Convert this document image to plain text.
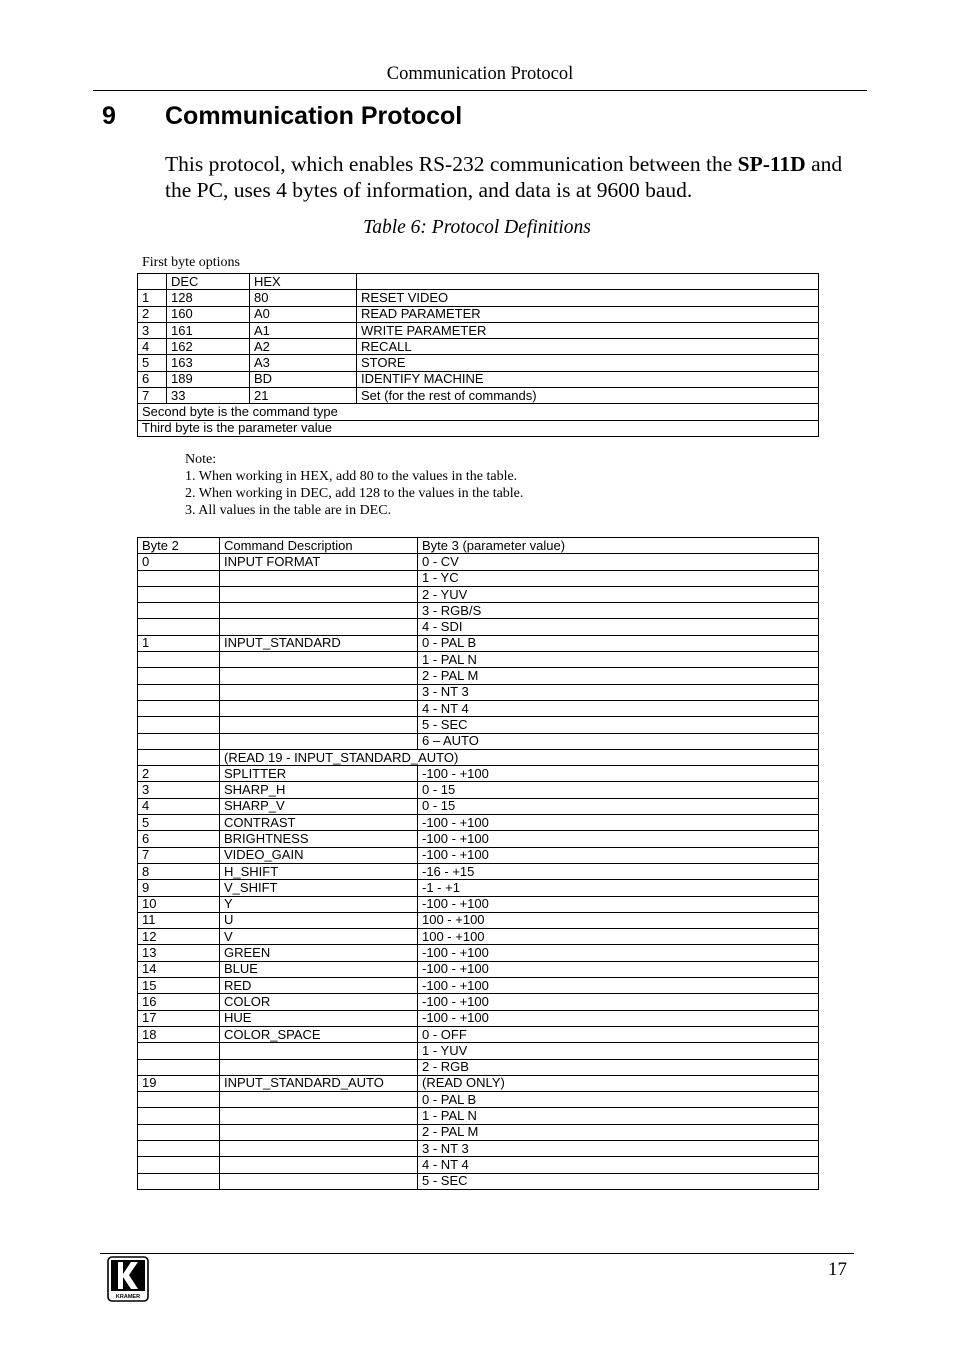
Communication Protocol
9 Communication Protocol
This protocol, which enables RS-232 communication between the SP-11D and the PC, uses 4 bytes of information, and data is at 9600 baud.
Table 6: Protocol Definitions
First byte options
	DEC	HEX	
1	128	80	RESET VIDEO
2	160	A0	READ PARAMETER
3	161	A1	WRITE PARAMETER
4	162	A2	RECALL
5	163	A3	STORE
6	189	BD	IDENTIFY MACHINE
7	33	21	Set (for the rest of commands)
Second byte is the command type			
Third byte is the parameter value			
Note:
1. When working in HEX, add 80 to the values in the table.
2. When working in DEC, add 128 to the values in the table.
3. All values in the table are in DEC.
Byte 2	Command Description	Byte 3 (parameter value)
0	INPUT FORMAT	0 - CV
		1 - YC
		2 - YUV
		3 - RGB/S
		4 - SDI
1	INPUT_STANDARD	0 - PAL B
		1 - PAL N
		2 - PAL M
		3 - NT 3
		4 - NT 4
		5 - SEC
		6 – AUTO
	(READ 19 - INPUT_STANDARD_AUTO)	
2	SPLITTER	-100 - +100
3	SHARP_H	0 - 15
4	SHARP_V	0 - 15
5	CONTRAST	-100 - +100
6	BRIGHTNESS	-100 - +100
7	VIDEO_GAIN	-100 - +100
8	H_SHIFT	-16 - +15
9	V_SHIFT	-1 - +1
10	Y	-100 - +100
11	U	100 - +100
12	V	100 - +100
13	GREEN	-100 - +100
14	BLUE	-100 - +100
15	RED	-100 - +100
16	COLOR	-100 - +100
17	HUE	-100 - +100
18	COLOR_SPACE	0 - OFF
		1 - YUV
		2 - RGB
19	INPUT_STANDARD_AUTO	(READ ONLY)
		0 - PAL B
		1 - PAL N
		2 - PAL M
		3 - NT 3
		4 - NT 4
		5 - SEC
KRAMER
17
